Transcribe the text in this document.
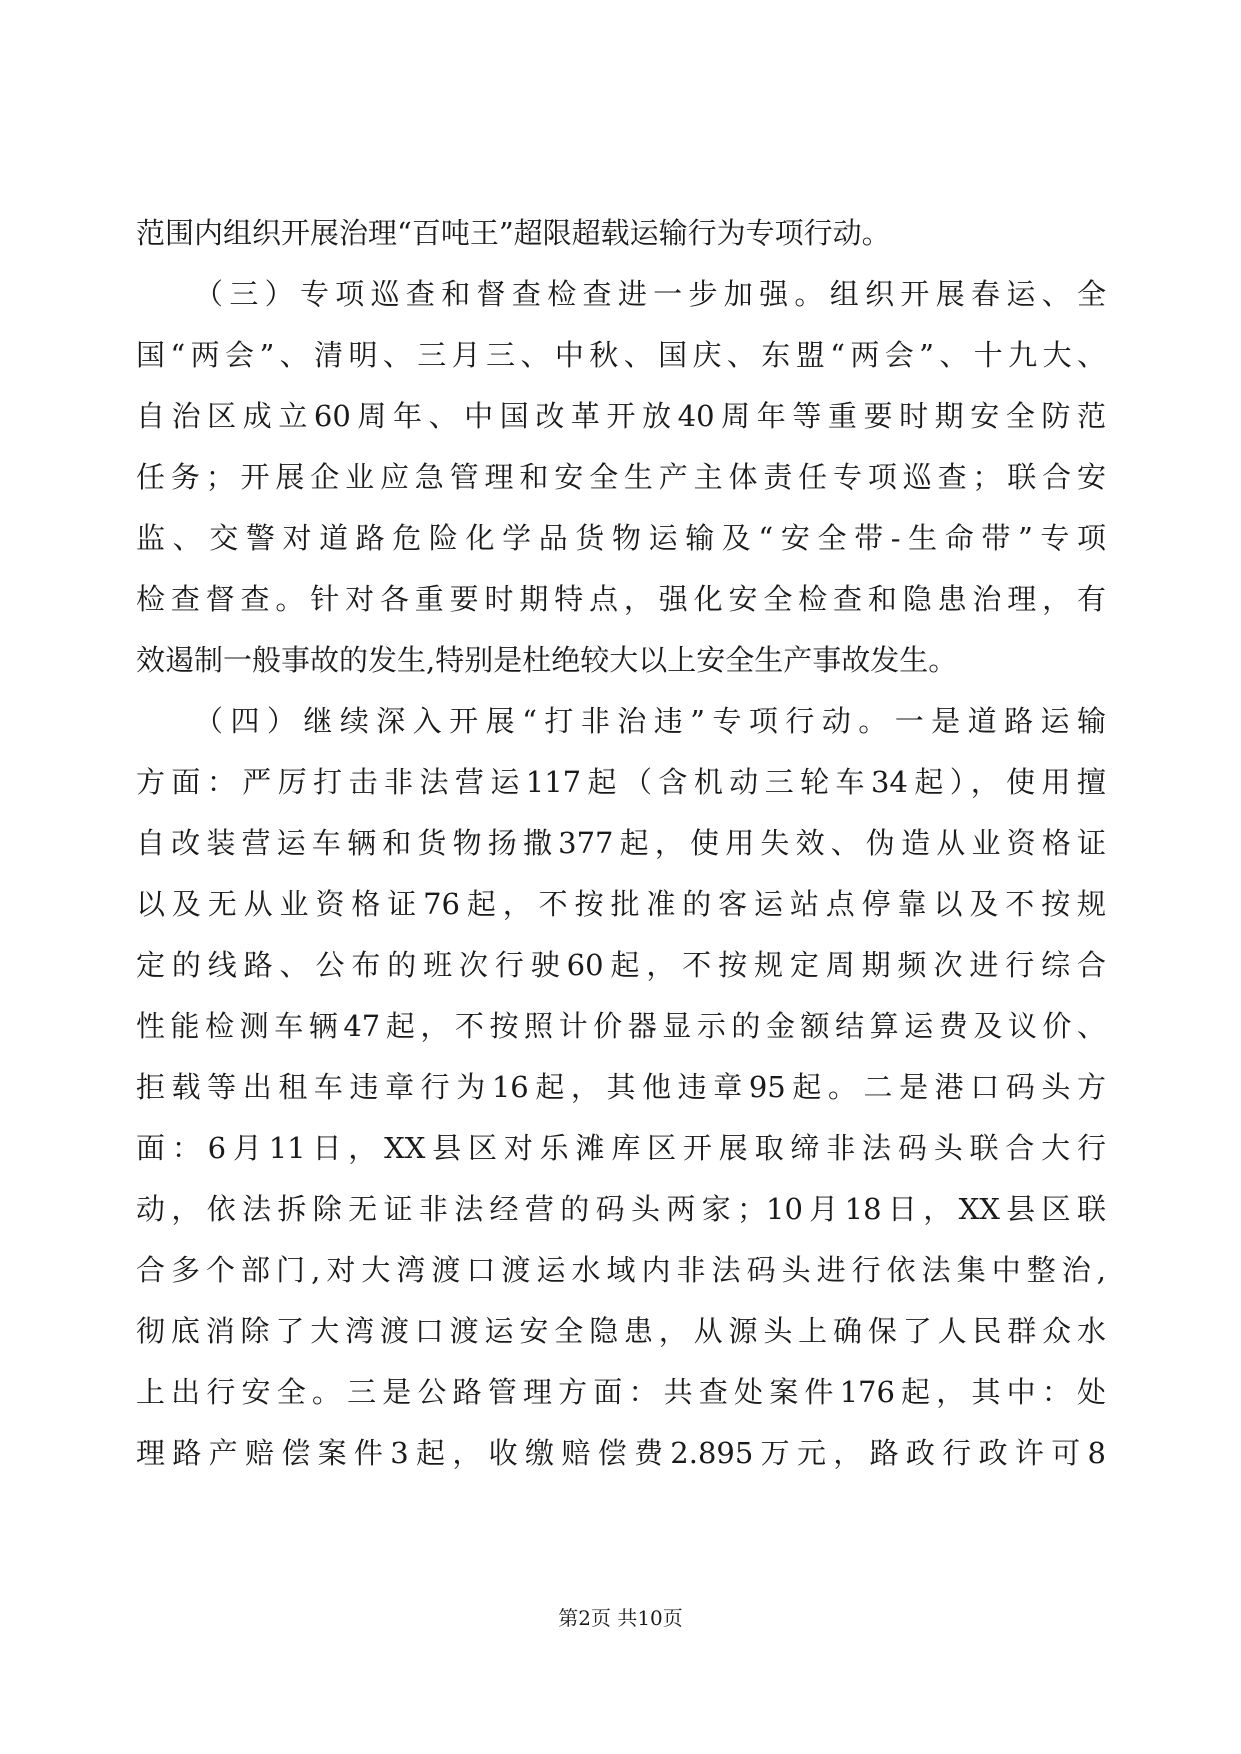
范围内组织开展治理“百吨王”超限超载运输行为专项行动。
（三）专项巡查和督查检查进一步加强。组织开展春运、全
国“两会”、清明、三月三、中秋、国庆、东盟“两会”、十九大、
自治区成立60周年、中国改革开放40周年等重要时期安全防范
任务；开展企业应急管理和安全生产主体责任专项巡查；联合安
监、交警对道路危险化学品货物运输及“安全带-生命带”专项
检查督查。针对各重要时期特点，强化安全检查和隐患治理，有
效遏制一般事故的发生,特别是杜绝较大以上安全生产事故发生。
（四）继续深入开展“打非治违”专项行动。一是道路运输
方面：严厉打击非法营运117起（含机动三轮车34起），使用擅
自改装营运车辆和货物扬撒377起，使用失效、伪造从业资格证
以及无从业资格证76起，不按批准的客运站点停靠以及不按规
定的线路、公布的班次行驶60起，不按规定周期频次进行综合
性能检测车辆47起，不按照计价器显示的金额结算运费及议价、
拒载等出租车违章行为16起，其他违章95起。二是港口码头方
面：6月11日，XX县区对乐滩库区开展取缔非法码头联合大行
动，依法拆除无证非法经营的码头两家；10月18日，XX县区联
合多个部门,对大湾渡口渡运水域内非法码头进行依法集中整治,
彻底消除了大湾渡口渡运安全隐患，从源头上确保了人民群众水
上出行安全。三是公路管理方面：共查处案件176起，其中：处
理路产赔偿案件3起，收缴赔偿费2.895万元，路政行政许可8
第2页 共10页
